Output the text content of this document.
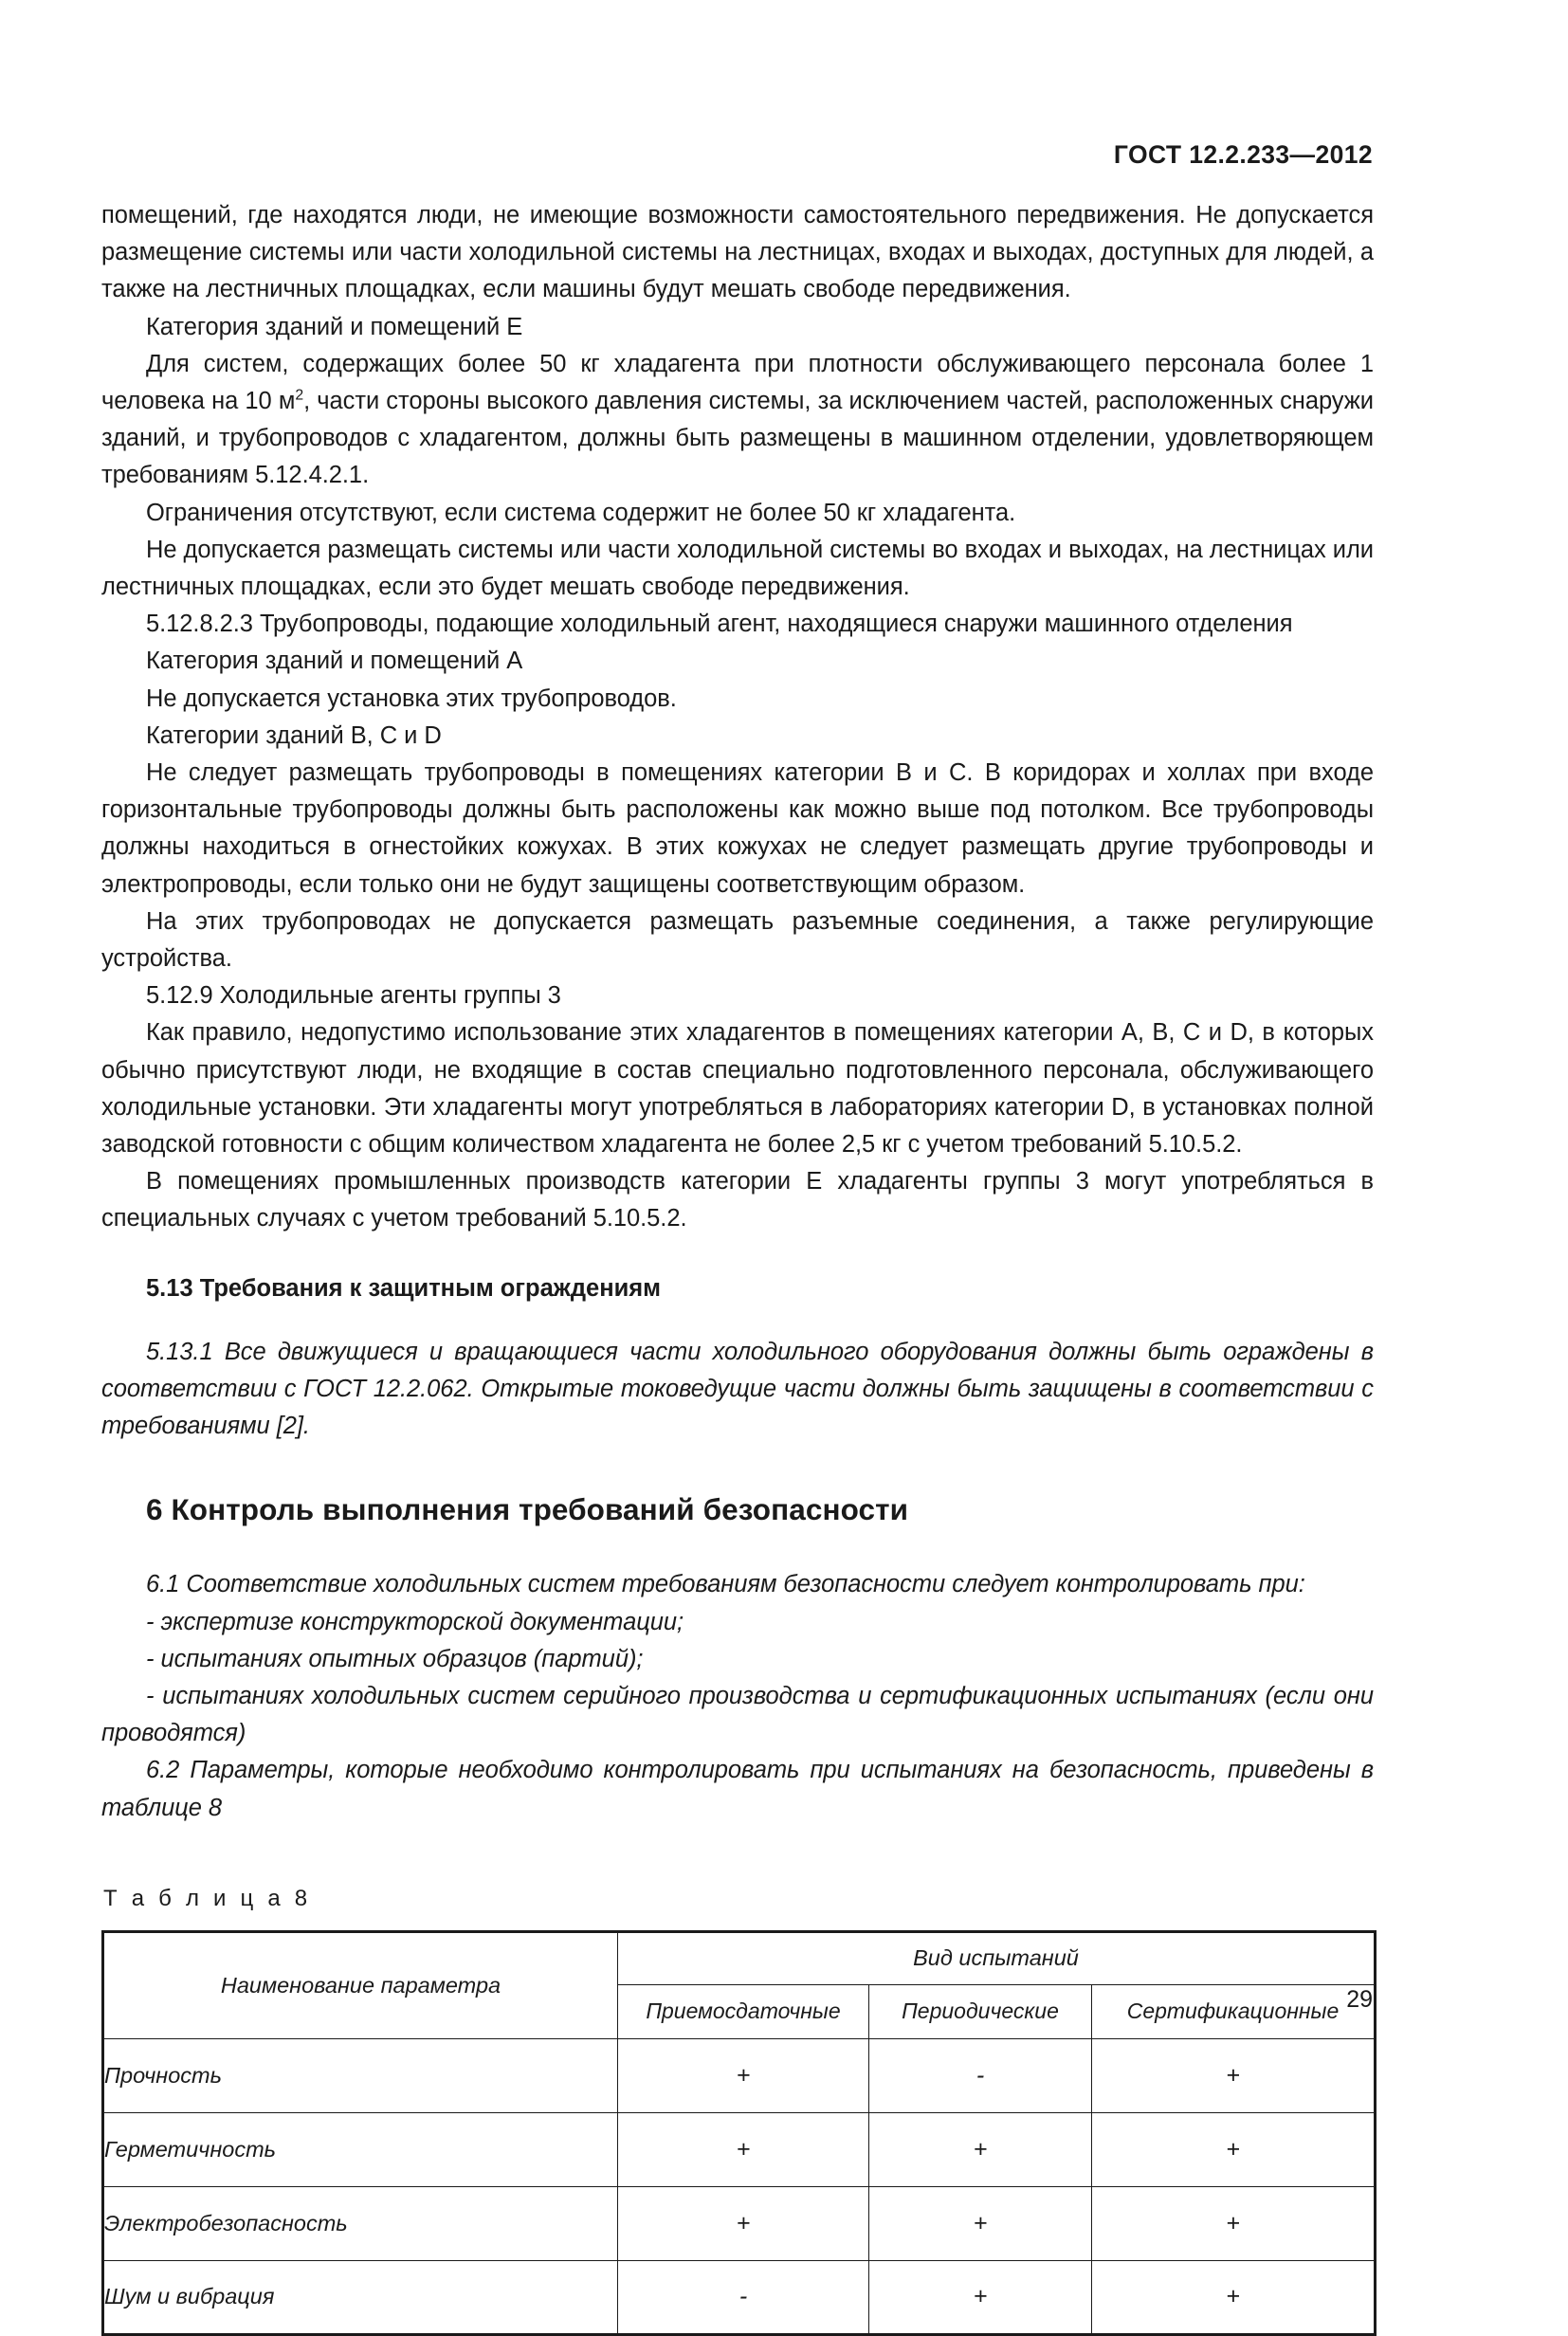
ГОСТ 12.2.233—2012

помещений, где находятся люди, не имеющие возможности самостоятельного передвижения. Не допускается размещение системы или части холодильной системы на лестницах, входах и выходах, доступных для людей, а также на лестничных площадках, если машины будут мешать свободе передвижения.

Категория зданий и помещений Е

Для систем, содержащих более 50 кг хладагента при плотности обслуживающего персонала более 1 человека на 10 $м^2$, части стороны высокого давления системы, за исключением частей, расположенных снаружи зданий, и трубопроводов с хладагентом, должны быть размещены в машинном отделении, удовлетворяющем требованиям 5.12.4.2.1.

Ограничения отсутствуют, если система содержит не более 50 кг хладагента.

Не допускается размещать системы или части холодильной системы во входах и выходах, на лестницах или лестничных площадках, если это будет мешать свободе передвижения.

5.12.8.2.3 Трубопроводы, подающие холодильный агент, находящиеся снаружи машинного отделения

Категория зданий и помещений А

Не допускается установка этих трубопроводов.

Категории зданий В, С и D

Не следует размещать трубопроводы в помещениях категории В и С. В коридорах и холлах при входе горизонтальные трубопроводы должны быть расположены как можно выше под потолком. Все трубопроводы должны находиться в огнестойких кожухах. В этих кожухах не следует размещать другие трубопроводы и электропроводы, если только они не будут защищены соответствующим образом.

На этих трубопроводах не допускается размещать разъемные соединения, а также регулирующие устройства.

5.12.9 Холодильные агенты группы 3

Как правило, недопустимо использование этих хладагентов в помещениях категории А, В, С и D, в которых обычно присутствуют люди, не входящие в состав специально подготовленного персонала, обслуживающего холодильные установки. Эти хладагенты могут употребляться в лабораториях категории D, в установках полной заводской готовности с общим количеством хладагента не более 2,5 кг с учетом требований 5.10.5.2.

В помещениях промышленных производств категории Е хладагенты группы 3 могут употребляться в специальных случаях с учетом требований 5.10.5.2.

5.13 Требования к защитным ограждениям

5.13.1 Все движущиеся и вращающиеся части холодильного оборудования должны быть ограждены в соответствии с ГОСТ 12.2.062. Открытые токоведущие части должны быть защищены в соответствии с требованиями [2].

6 Контроль выполнения требований безопасности

6.1 Соответствие холодильных систем требованиям безопасности следует контролировать при:

- экспертизе конструкторской документации;

- испытаниях опытных образцов (партий);

- испытаниях холодильных систем серийного производства и сертификационных испытаниях (если они проводятся)

6.2 Параметры, которые необходимо контролировать при испытаниях на безопасность, приведены в таблице 8

Т а б л и ц а 8
Наименование параметра	Вид испытаний		
	Приемосдаточные	Периодические	Сертификационные
Прочность	+	-	+
Герметичность	+	+	+
Электробезопасность	+	+	+
Шум и вибрация	-	+	+
29
